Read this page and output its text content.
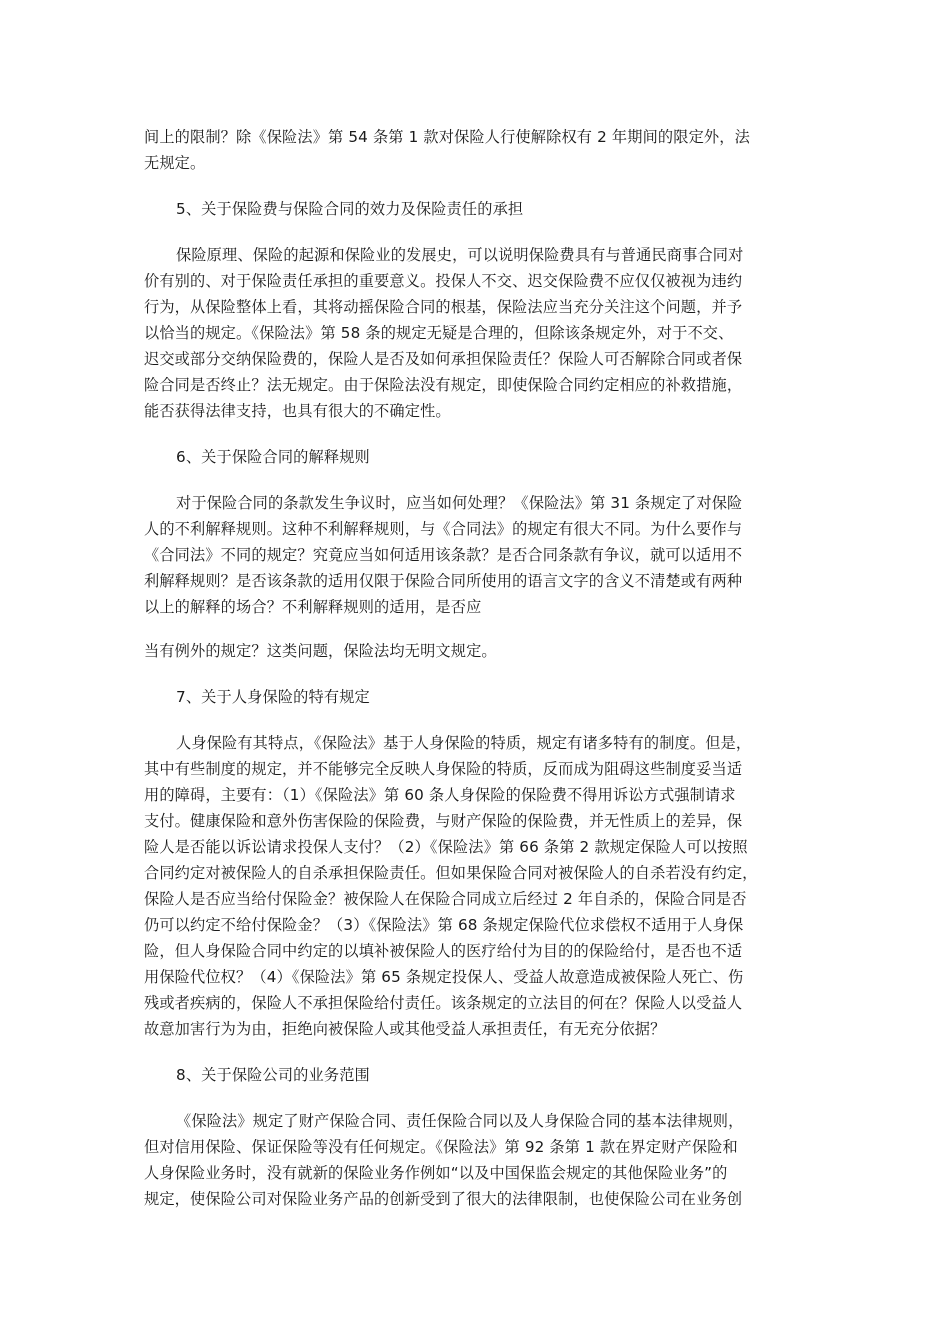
间上的限制？除《保险法》第 54 条第 1 款对保险人行使解除权有 2 年期间的限定外，法
无规定。
5、关于保险费与保险合同的效力及保险责任的承担
保险原理、保险的起源和保险业的发展史，可以说明保险费具有与普通民商事合同对
价有别的、对于保险责任承担的重要意义。投保人不交、迟交保险费不应仅仅被视为违约
行为，从保险整体上看，其将动摇保险合同的根基，保险法应当充分关注这个问题，并予
以恰当的规定。《保险法》第 58 条的规定无疑是合理的，但除该条规定外，对于不交、
迟交或部分交纳保险费的，保险人是否及如何承担保险责任？保险人可否解除合同或者保
险合同是否终止？法无规定。由于保险法没有规定，即使保险合同约定相应的补救措施，
能否获得法律支持，也具有很大的不确定性。
6、关于保险合同的解释规则
对于保险合同的条款发生争议时，应当如何处理？《保险法》第 31 条规定了对保险
人的不利解释规则。这种不利解释规则，与《合同法》的规定有很大不同。为什么要作与
《合同法》不同的规定？究竟应当如何适用该条款？是否合同条款有争议，就可以适用不
利解释规则？是否该条款的适用仅限于保险合同所使用的语言文字的含义不清楚或有两种
以上的解释的场合？不利解释规则的适用，是否应
当有例外的规定？这类问题，保险法均无明文规定。
7、关于人身保险的特有规定
人身保险有其特点，《保险法》基于人身保险的特质，规定有诸多特有的制度。但是，
其中有些制度的规定，并不能够完全反映人身保险的特质，反而成为阻碍这些制度妥当适
用的障碍，主要有：（1）《保险法》第 60 条人身保险的保险费不得用诉讼方式强制请求
支付。健康保险和意外伤害保险的保险费，与财产保险的保险费，并无性质上的差异，保
险人是否能以诉讼请求投保人支付？（2）《保险法》第 66 条第 2 款规定保险人可以按照
合同约定对被保险人的自杀承担保险责任。但如果保险合同对被保险人的自杀若没有约定，
保险人是否应当给付保险金？被保险人在保险合同成立后经过 2 年自杀的，保险合同是否
仍可以约定不给付保险金？（3）《保险法》第 68 条规定保险代位求偿权不适用于人身保
险，但人身保险合同中约定的以填补被保险人的医疗给付为目的的保险给付，是否也不适
用保险代位权？（4）《保险法》第 65 条规定投保人、受益人故意造成被保险人死亡、伤
残或者疾病的，保险人不承担保险给付责任。该条规定的立法目的何在？保险人以受益人
故意加害行为为由，拒绝向被保险人或其他受益人承担责任，有无充分依据？
8、关于保险公司的业务范围
《保险法》规定了财产保险合同、责任保险合同以及人身保险合同的基本法律规则，
但对信用保险、保证保险等没有任何规定。《保险法》第 92 条第 1 款在界定财产保险和
人身保险业务时，没有就新的保险业务作例如“以及中国保监会规定的其他保险业务”的
规定，使保险公司对保险业务产品的创新受到了很大的法律限制，也使保险公司在业务创
